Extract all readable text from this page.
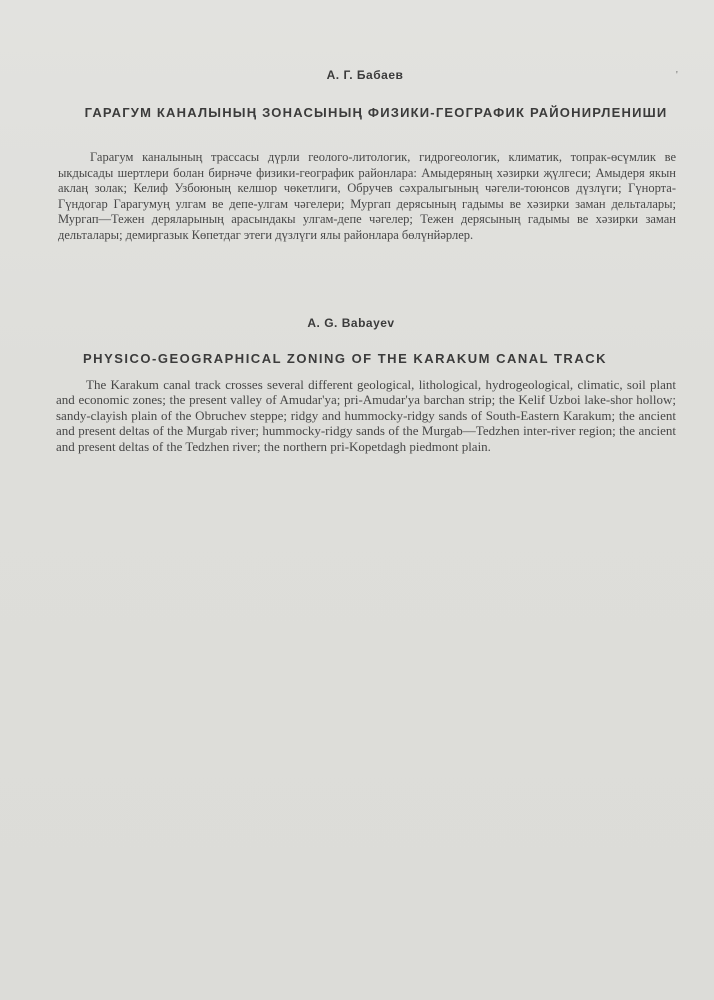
'
А. Г. Бабаев
ГАРАГУМ КАНАЛЫНЫҢ ЗОНАСЫНЫҢ ФИЗИКИ-ГЕОГРАФИК РАЙОНИРЛЕНИШИ

Гарагум каналының трассасы дүрли геолого-литологик, гидрогеологик, климатик, топрак-өсүмлик ве ыкдысады шертлери болан бирнәче физики-географик районлара: Амыдеряның хәзирки җүлгеси; Амыдеря якын аклаң золак; Келиф Узбоюның келшор чөкетлиги, Обручев сәхралыгының чәгели-тоюнсов дүзлүги; Гүнорта-Гүндогар Гарагумуң улгам ве депе-улгам чәгелери; Мургап деряcының гадымы ве хәзирки заман дельталары; Мургап—Тежен деряларының арасындакы улгам-депе чәгелер; Тежен дерясының гадымы ве хәзирки заман дельталары; демиргазык Көпетдаг этеги дүзлүги ялы районлара бөлүнйәрлер.

A. G. Babayev
PHYSICO-GEOGRAPHICAL ZONING OF THE KARAKUM CANAL TRACK

The Karakum canal track crosses several different geological, lithological, hydrogeological, climatic, soil plant and economic zones; the present valley of Amudar'ya; pri-Amudar'ya barchan strip; the Kelif Uzboi lake-shor hollow; sandy-clayish plain of the Obruchev steppe; ridgy and hummocky-ridgy sands of South-Eastern Karakum; the ancient and present deltas of the Murgab river; hummocky-ridgy sands of the Murgab—Tedzhen inter-river region; the ancient and present deltas of the Tedzhen river; the northern pri-Kopetdagh piedmont plain.
